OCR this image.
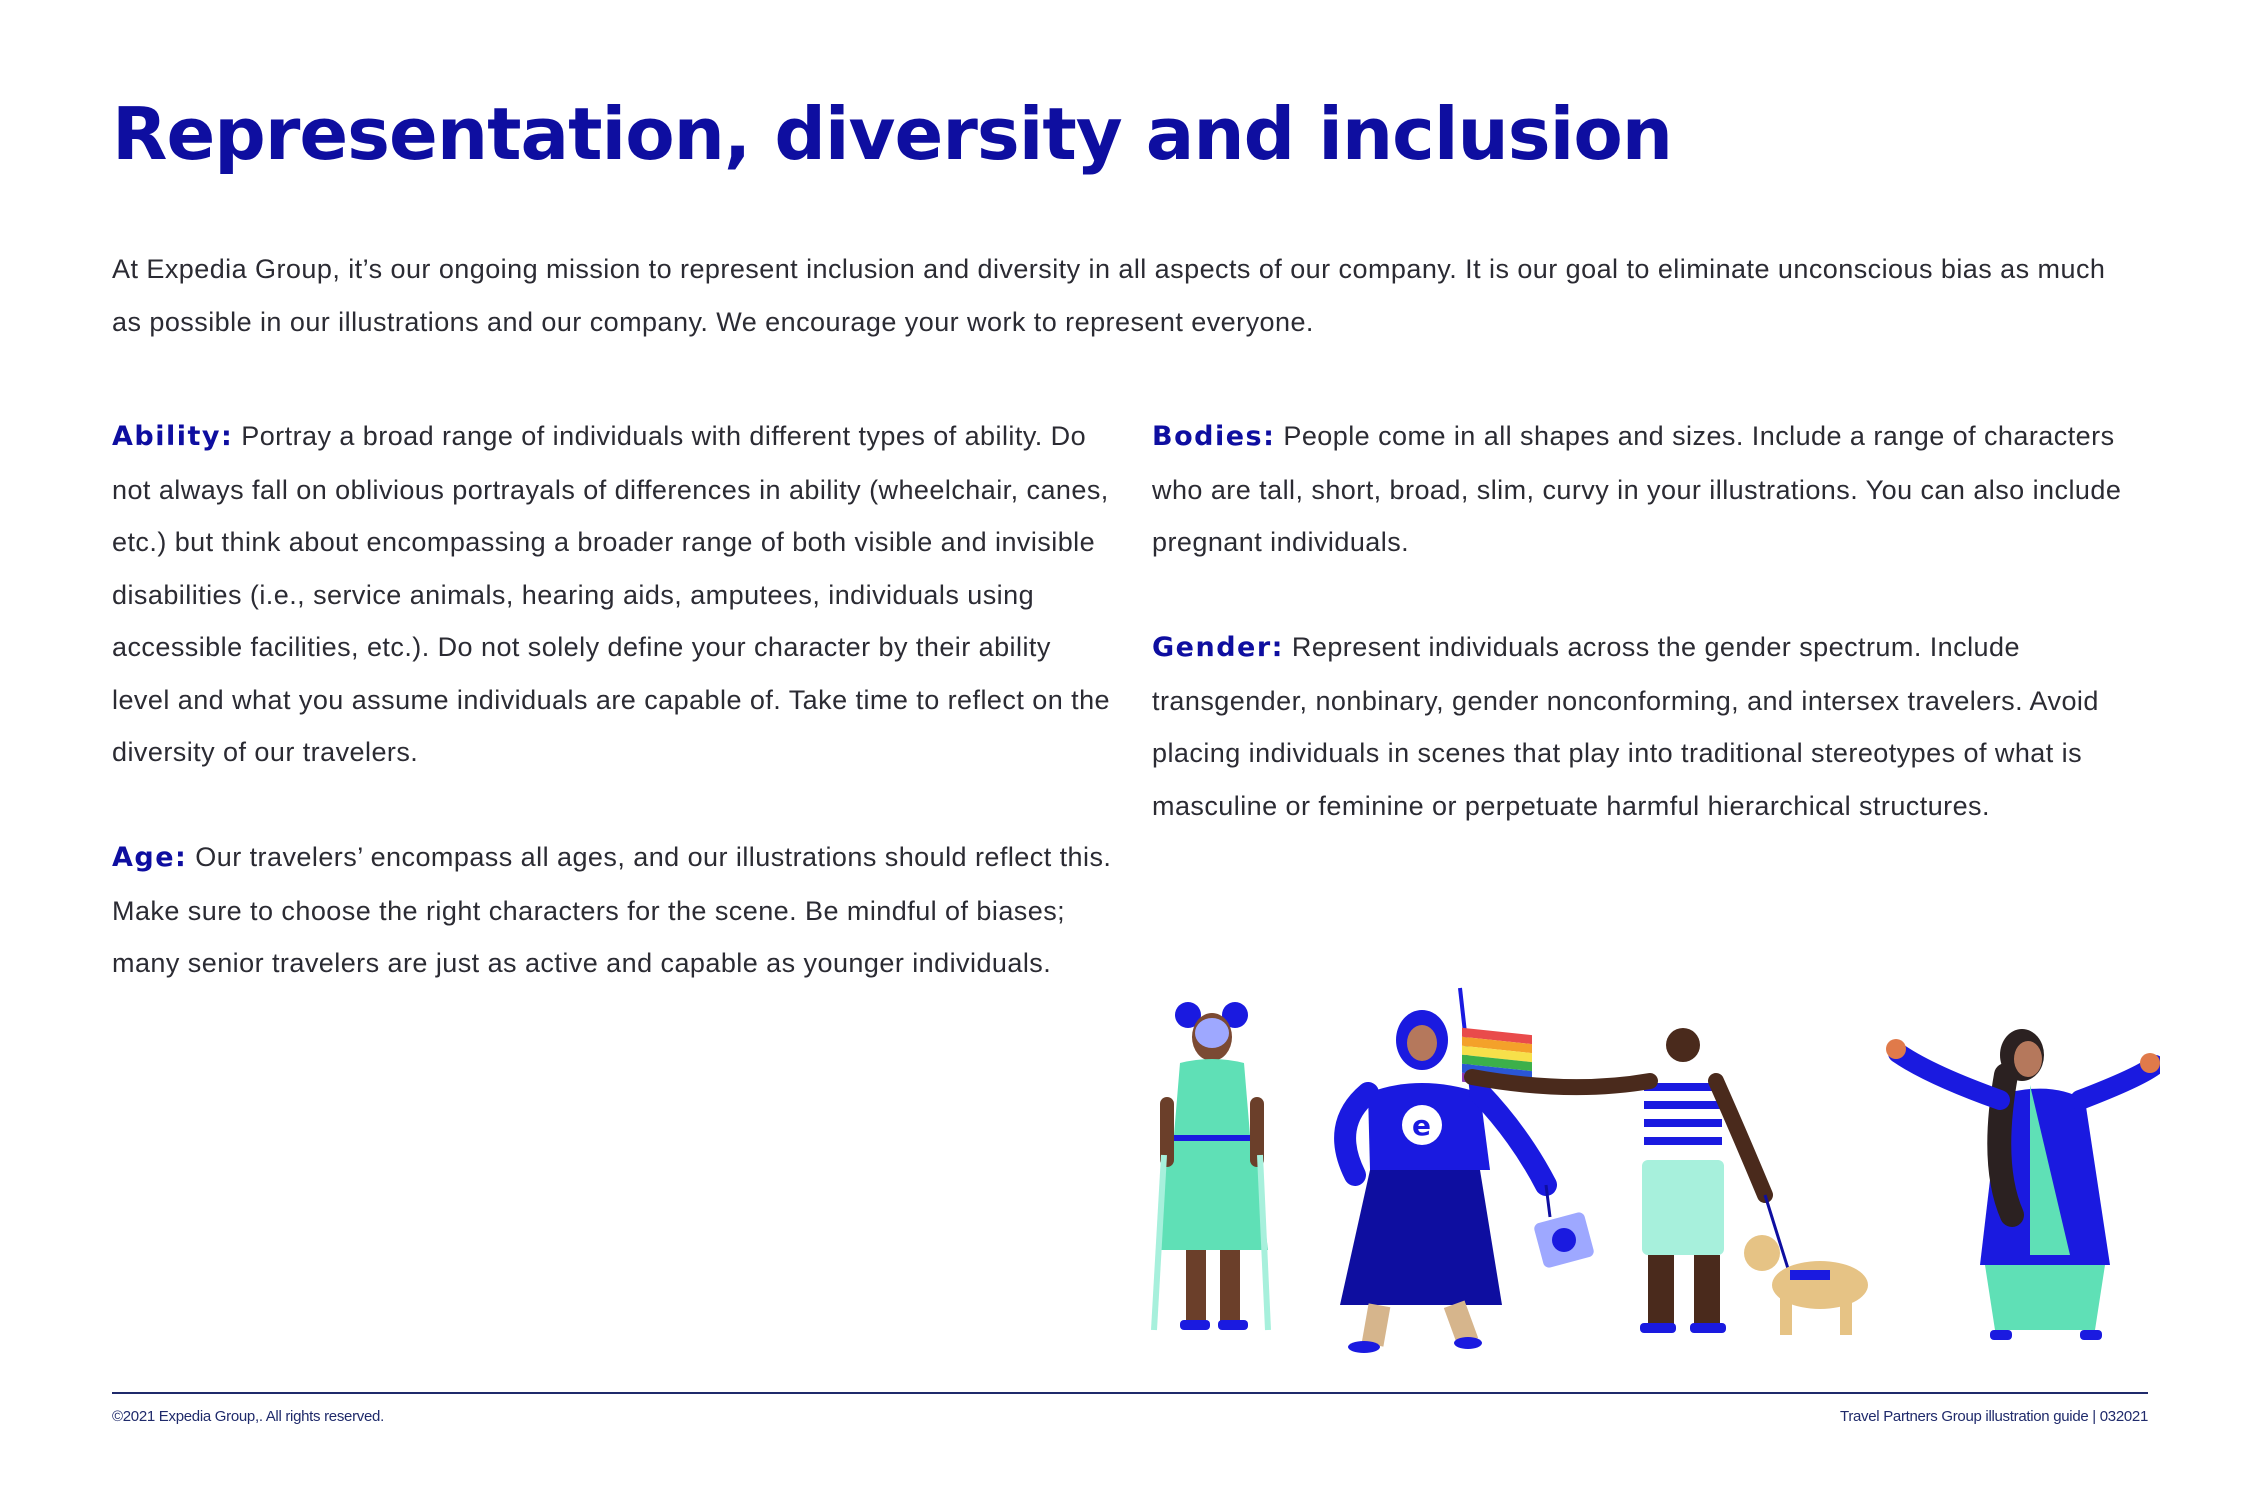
Representation, diversity and inclusion

At Expedia Group, it’s our ongoing mission to represent inclusion and diversity in all aspects of our company. It is our goal to eliminate unconscious bias as much as possible in our illustrations and our company. We encourage your work to represent everyone.

Ability: Portray a broad range of individuals with different types of ability. Do not always fall on oblivious portrayals of differences in ability (wheelchair, canes, etc.) but think about encompassing a broader range of both visible and invisible disabilities (i.e., service animals, hearing aids, amputees, individuals using accessible facilities, etc.). Do not solely define your character by their ability level and what you assume individuals are capable of. Take time to reflect on the diversity of our travelers.

Age: Our travelers’ encompass all ages, and our illustrations should reflect this. Make sure to choose the right characters for the scene. Be mindful of biases; many senior travelers are just as active and capable as younger individuals.

Bodies: People come in all shapes and sizes. Include a range of characters who are tall, short, broad, slim, curvy in your illustrations. You can also include pregnant individuals.

Gender: Represent individuals across the gender spectrum. Include transgender, nonbinary, gender nonconforming, and intersex travelers. Avoid placing individuals in scenes that play into traditional stereotypes of what is masculine or feminine or perpetuate harmful hierarchical structures.

e
©2021 Expedia Group,. All rights reserved.	Travel Partners Group illustration guide | 032021
